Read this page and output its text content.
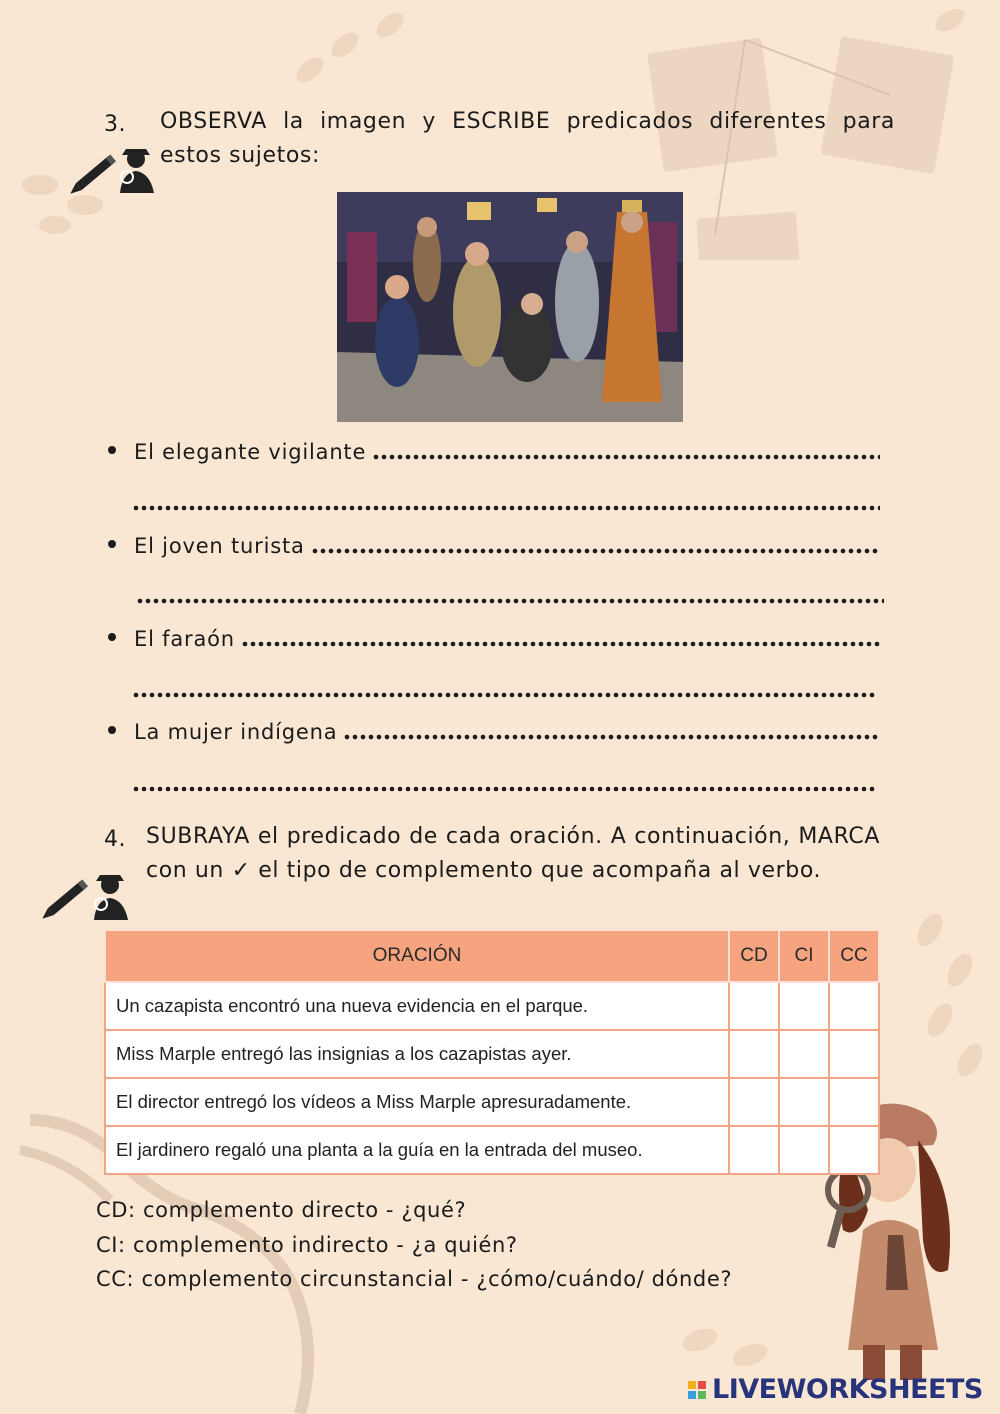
3. OBSERVA la imagen y ESCRIBE predicados diferentes para estos sujetos:
El elegante vigilante
El joven turista
El faraón
La mujer indígena
4. SUBRAYA el predicado de cada oración. A continuación, MARCA con un ✓ el tipo de complemento que acompaña al verbo.
ORACIÓN	CD	CI	CC
Un cazapista encontró una nueva evidencia en el parque.			
Miss Marple entregó las insignias a los cazapistas ayer.			
El director entregó los vídeos a Miss Marple apresuradamente.			
El jardinero regaló una planta a la guía en la entrada del museo.			
CD: complemento directo - ¿qué?
CI: complemento indirecto - ¿a quién?
CC: complemento circunstancial - ¿cómo/cuándo/ dónde?
LIVEWORKSHEETS
